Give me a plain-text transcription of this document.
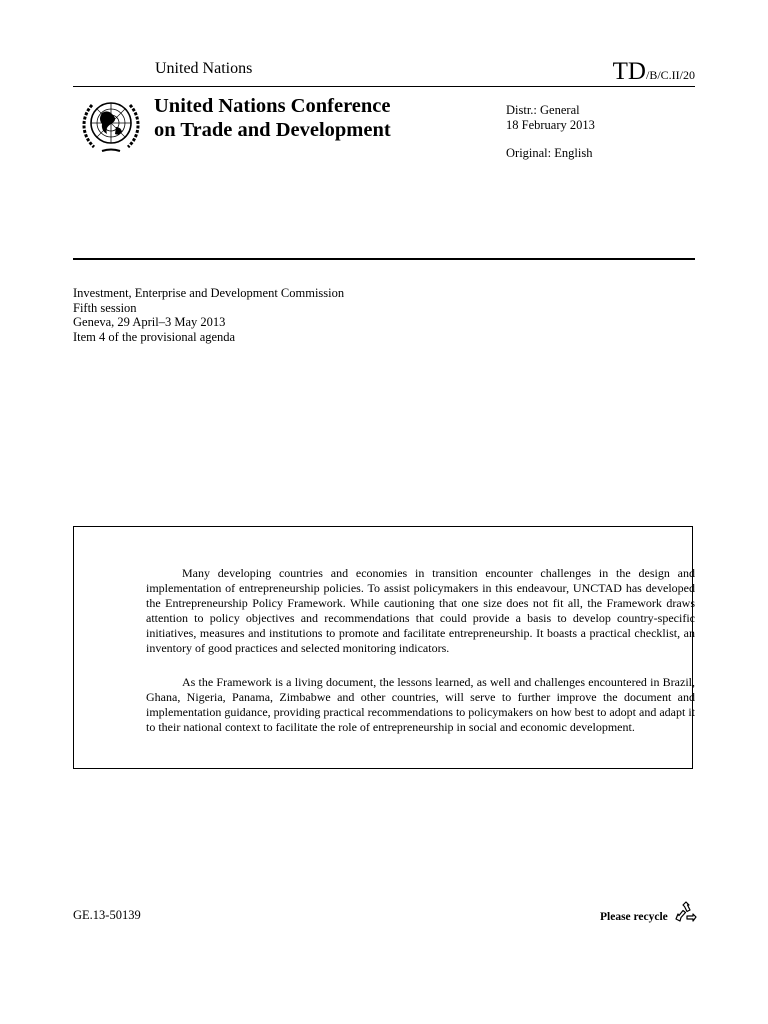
United Nations	TD/B/C.II/20
United Nations Conference
on Trade and Development
Distr.: General
18 February 2013
Original: English
Investment, Enterprise and Development Commission
Fifth session
Geneva, 29 April–3 May 2013
Item 4 of the provisional agenda

Many developing countries and economies in transition encounter challenges in the design and implementation of entrepreneurship policies. To assist policymakers in this endeavour, UNCTAD has developed the Entrepreneurship Policy Framework. While cautioning that one size does not fit all, the Framework draws attention to policy objectives and recommendations that could provide a basis to develop country-specific initiatives, measures and institutions to promote and facilitate entrepreneurship. It boasts a practical checklist, an inventory of good practices and selected monitoring indicators.

As the Framework is a living document, the lessons learned, as well and challenges encountered in Brazil, Ghana, Nigeria, Panama, Zimbabwe and other countries, will serve to further improve the document and implementation guidance, providing practical recommendations to policymakers on how best to adopt and adapt it to their national context to facilitate the role of entrepreneurship in social and economic development.

GE.13-50139	Please recycle
